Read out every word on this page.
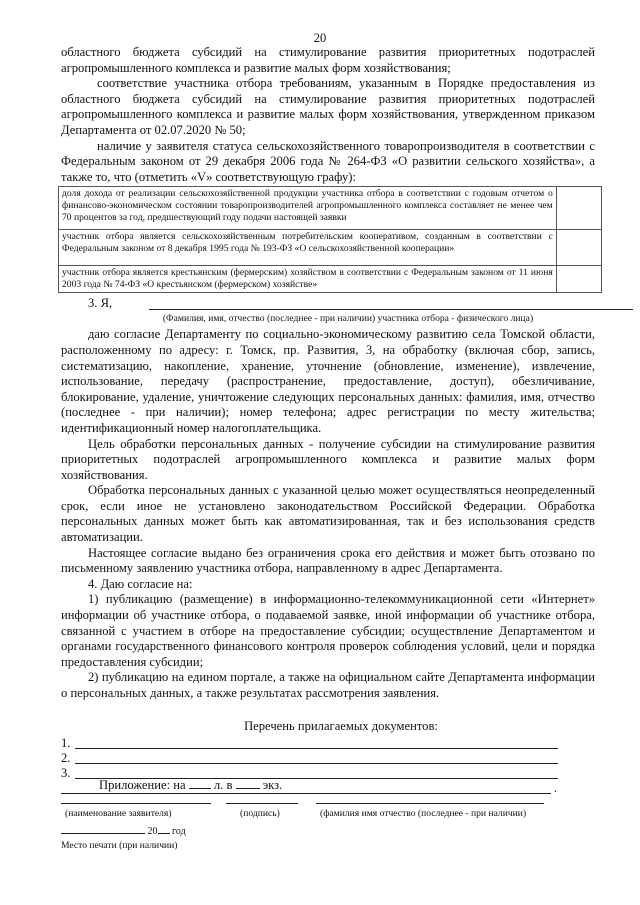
20

областного бюджета субсидий на стимулирование развития приоритетных подотраслей агропромышленного комплекса и развитие малых форм хозяйствования;

соответствие участника отбора требованиям, указанным в Порядке предоставления из областного бюджета субсидий на стимулирование развития приоритетных подотраслей агропромышленного комплекса и развитие малых форм хозяйствования, утвержденном приказом Департамента от 02.07.2020 № 50;

наличие у заявителя статуса сельскохозяйственного товаропроизводителя в соответствии с Федеральным законом от 29 декабря 2006 года № 264-ФЗ «О развитии сельского хозяйства», а также то, что (отметить «V» соответствующую графу):

доля дохода от реализации сельскохозяйственной продукции участника отбора в соответствии с годовым отчетом о финансово-экономическом состоянии товаропроизводителей агропромышленного комплекса составляет не менее чем 70 процентов за год, предшествующий году подачи настоящей заявки	
участник отбора является сельскохозяйственным потребительским кооперативом, созданным в соответствии с Федеральным законом от 8 декабря 1995 года № 193-ФЗ «О сельскохозяйственной кооперации»	
участник отбора является крестьянским (фермерским) хозяйством в соответствии с Федеральным законом от 11 июня 2003 года № 74-ФЗ «О крестьянском (фермерском) хозяйстве»	
3. Я,
(Фамилия, имя, отчество (последнее - при наличии) участника отбора - физического лица)

даю согласие Департаменту по социально-экономическому развитию села Томской области, расположенному по адресу: г. Томск, пр. Развития, 3, на обработку (включая сбор, запись, систематизацию, накопление, хранение, уточнение (обновление, изменение), извлечение, использование, передачу (распространение, предоставление, доступ), обезличивание, блокирование, удаление, уничтожение следующих персональных данных: фамилия, имя, отчество (последнее - при наличии); номер телефона; адрес регистрации по месту жительства; идентификационный номер налогоплательщика.

Цель обработки персональных данных - получение субсидии на стимулирование развития приоритетных подотраслей агропромышленного комплекса и развитие малых форм хозяйствования.

Обработка персональных данных с указанной целью может осуществляться неопределенный срок, если иное не установлено законодательством Российской Федерации. Обработка персональных данных может быть как автоматизированная, так и без использования средств автоматизации.

Настоящее согласие выдано без ограничения срока его действия и может быть отозвано по письменному заявлению участника отбора, направленному в адрес Департамента.

4. Даю согласие на:

1) публикацию (размещение) в информационно-телекоммуникационной сети «Интернет» информации об участнике отбора, о подаваемой заявке, иной информации об участнике отбора, связанной с участием в отборе на предоставление субсидии; осуществление Департаментом и органами государственного финансового контроля проверок соблюдения условий, цели и порядка предоставления субсидии;

2) публикацию на едином портале, а также на официальном сайте Департамента информации о персональных данных, а также результатах рассмотрения заявления.

Перечень прилагаемых документов:
1.
2.
3.
.
Приложение: на л. в экз.
(наименование заявителя)	(подпись)	(фамилия имя отчество (последнее - при наличии)
20 год
Место печати (при наличии)
